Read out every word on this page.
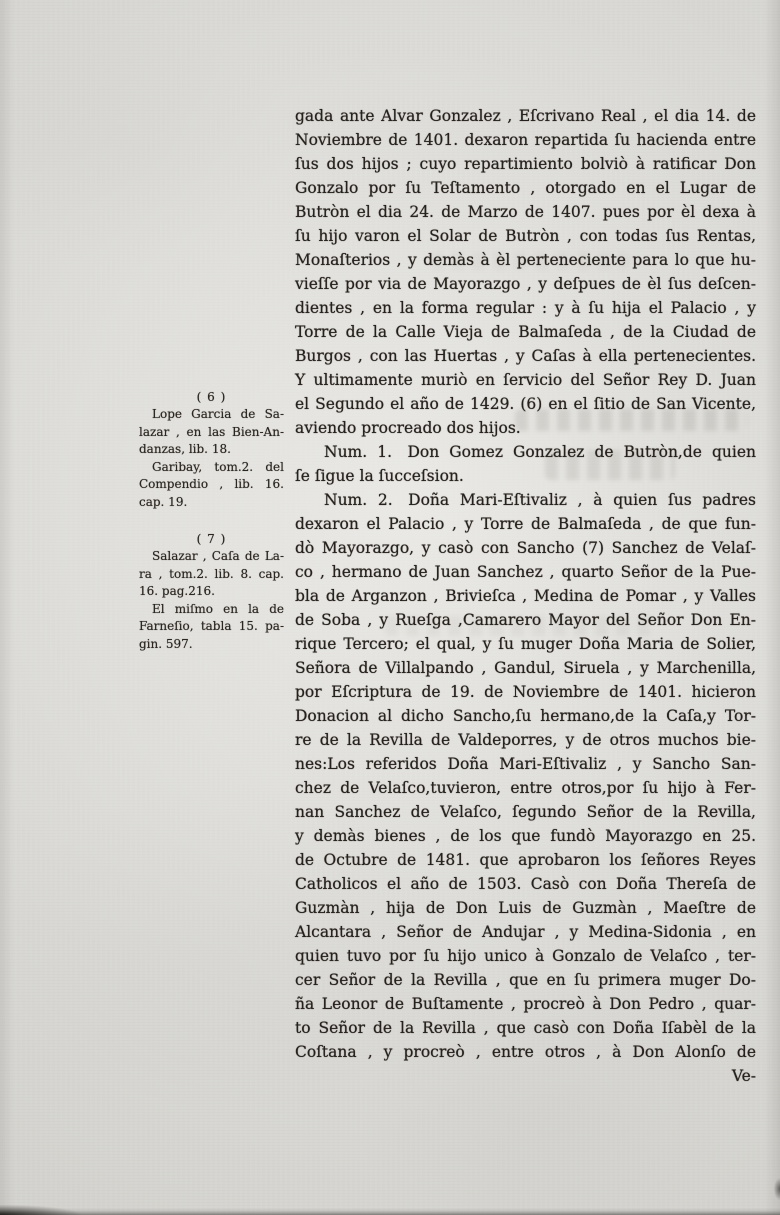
( 6 )
Lope Garcia de Sa-
lazar , en las Bien-An-
danzas, lib. 18.
Garibay, tom.2. del
Compendio , lib. 16.
cap. 19.
( 7 )
Salazar , Caſa de La-
ra , tom.2. lib. 8. cap.
16. pag.216.
El miſmo en la de
Farneſio, tabla 15. pa-
gin. 597.
gada ante Alvar Gonzalez , Eſcrivano Real , el dia 14. de
Noviembre de 1401. dexaron repartida ſu hacienda entre
ſus dos hijos ; cuyo repartimiento bolviò à ratificar Don
Gonzalo por ſu Teſtamento , otorgado en el Lugar de
Butròn el dia 24. de Marzo de 1407. pues por èl dexa à
ſu hijo varon el Solar de Butròn , con todas ſus Rentas,
Monaſterios , y demàs à èl perteneciente para lo que hu-
vieſſe por via de Mayorazgo , y deſpues de èl ſus deſcen-
dientes , en la forma regular : y à ſu hija el Palacio , y
Torre de la Calle Vieja de Balmaſeda , de la Ciudad de
Burgos , con las Huertas , y Caſas à ella pertenecientes.
Y ultimamente muriò en ſervicio del Señor Rey D. Juan
el Segundo el año de 1429. (6) en el ſitio de San Vicente,
aviendo procreado dos hijos.
Num. 1. Don Gomez Gonzalez de Butròn,de quien
ſe ſigue la ſucceſsion.
Num. 2. Doña Mari-Eſtivaliz , à quien ſus padres
dexaron el Palacio , y Torre de Balmaſeda , de que fun-
dò Mayorazgo, y casò con Sancho (7) Sanchez de Velaſ-
co , hermano de Juan Sanchez , quarto Señor de la Pue-
bla de Arganzon , Brivieſca , Medina de Pomar , y Valles
de Soba , y Rueſga ,Camarero Mayor del Señor Don En-
rique Tercero; el qual, y ſu muger Doña Maria de Solier,
Señora de Villalpando , Gandul, Siruela , y Marchenilla,
por Eſcriptura de 19. de Noviembre de 1401. hicieron
Donacion al dicho Sancho,ſu hermano,de la Caſa,y Tor-
re de la Revilla de Valdeporres, y de otros muchos bie-
nes:Los referidos Doña Mari-Eſtivaliz , y Sancho San-
chez de Velaſco,tuvieron, entre otros,por ſu hijo à Fer-
nan Sanchez de Velaſco, ſegundo Señor de la Revilla,
y demàs bienes , de los que fundò Mayorazgo en 25.
de Octubre de 1481. que aprobaron los ſeñores Reyes
Catholicos el año de 1503. Casò con Doña Thereſa de
Guzmàn , hija de Don Luis de Guzmàn , Maeſtre de
Alcantara , Señor de Andujar , y Medina-Sidonia , en
quien tuvo por ſu hijo unico à Gonzalo de Velaſco , ter-
cer Señor de la Revilla , que en ſu primera muger Do-
ña Leonor de Buſtamente , procreò à Don Pedro , quar-
to Señor de la Revilla , que casò con Doña Iſabèl de la
Coſtana , y procreò , entre otros , à Don Alonſo de
Ve-
